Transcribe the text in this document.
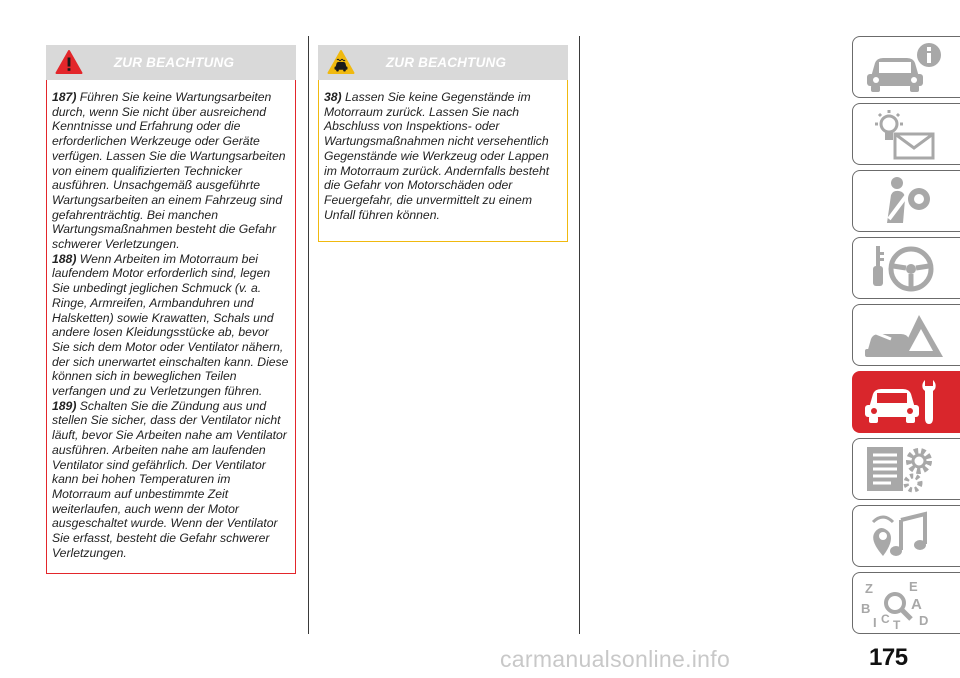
ZUR BEACHTUNG
187) Führen Sie keine Wartungsarbeiten durch, wenn Sie nicht über ausreichend Kenntnisse und Erfahrung oder die erforderlichen Werkzeuge oder Geräte verfügen. Lassen Sie die Wartungsarbeiten von einem qualifizierten Technicker ausführen. Unsachgemäß ausgeführte Wartungsarbeiten an einem Fahrzeug sind gefahrenträchtig. Bei manchen Wartungsmaßnahmen besteht die Gefahr schwerer Verletzungen.
188) Wenn Arbeiten im Motorraum bei laufendem Motor erforderlich sind, legen Sie unbedingt jeglichen Schmuck (v. a. Ringe, Armreifen, Armbanduhren und Halsketten) sowie Krawatten, Schals und andere losen Kleidungsstücke ab, bevor Sie sich dem Motor oder Ventilator nähern, der sich unerwartet einschalten kann. Diese können sich in beweglichen Teilen verfangen und zu Verletzungen führen.
189) Schalten Sie die Zündung aus und stellen Sie sicher, dass der Ventilator nicht läuft, bevor Sie Arbeiten nahe am Ventilator ausführen. Arbeiten nahe am laufenden Ventilator sind gefährlich. Der Ventilator kann bei hohen Temperaturen im Motorraum auf unbestimmte Zeit weiterlaufen, auch wenn der Motor ausgeschaltet wurde. Wenn der Ventilator Sie erfasst, besteht die Gefahr schwerer Verletzungen.
ZUR BEACHTUNG
38) Lassen Sie keine Gegenstände im Motorraum zurück. Lassen Sie nach Abschluss von Inspektions- oder Wartungsmaßnahmen nicht versehentlich Gegenstände wie Werkzeug oder Lappen im Motorraum zurück. Andernfalls besteht die Gefahr von Motorschäden oder Feuergefahr, die unvermittelt zu einem Unfall führen können.
Z	E
B
I C T
A
D
175
carmanualsonline.info
